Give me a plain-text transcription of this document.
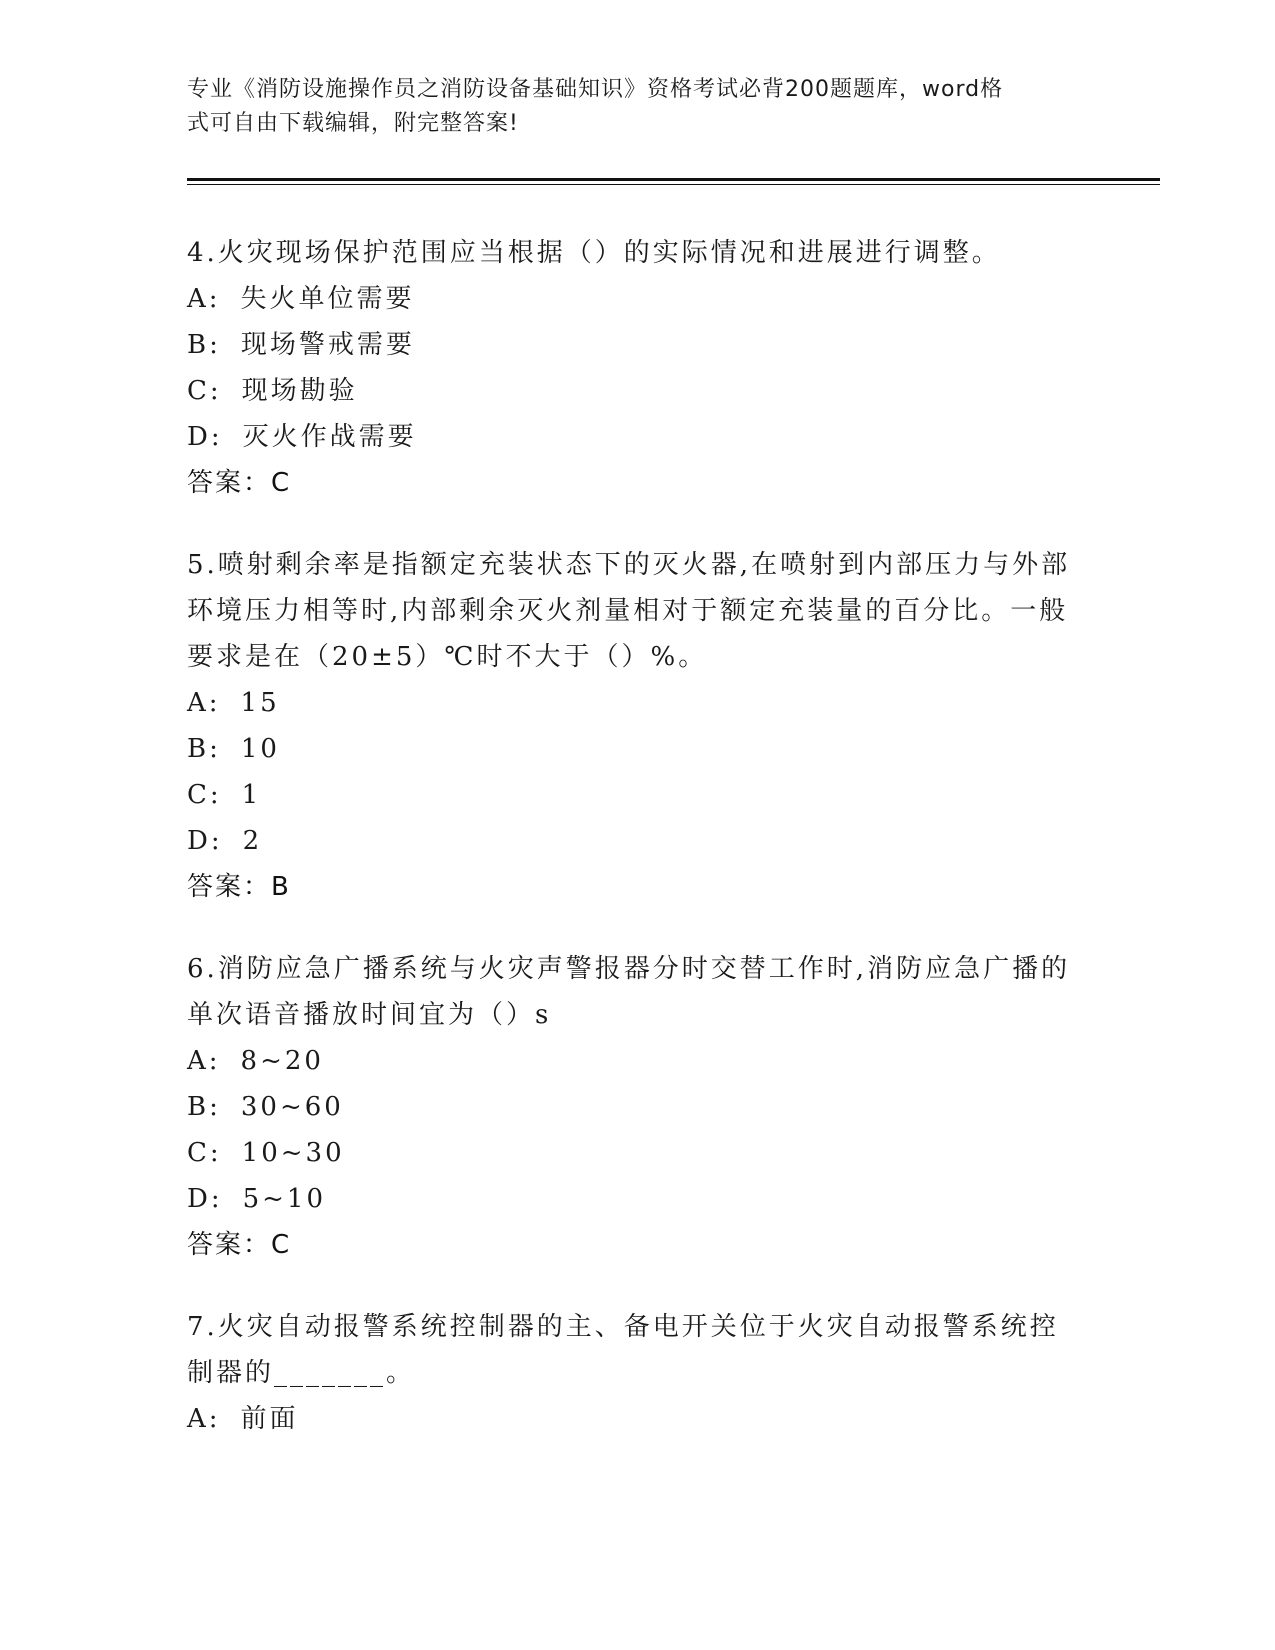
专业《消防设施操作员之消防设备基础知识》资格考试必背200题题库，word格
式可自由下载编辑，附完整答案!
4.火灾现场保护范围应当根据（）的实际情况和进展进行调整。
A: 失火单位需要
B: 现场警戒需要
C: 现场勘验
D: 灭火作战需要
答案：C
5.喷射剩余率是指额定充装状态下的灭火器,在喷射到内部压力与外部
环境压力相等时,内部剩余灭火剂量相对于额定充装量的百分比。一般
要求是在（20±5）℃时不大于（）%。
A: 15
B: 10
C: 1
D: 2
答案：B
6.消防应急广播系统与火灾声警报器分时交替工作时,消防应急广播的
单次语音播放时间宜为（）s
A: 8~20
B: 30~60
C: 10~30
D: 5~10
答案：C
7.火灾自动报警系统控制器的主、备电开关位于火灾自动报警系统控
制器的_______。
A: 前面
